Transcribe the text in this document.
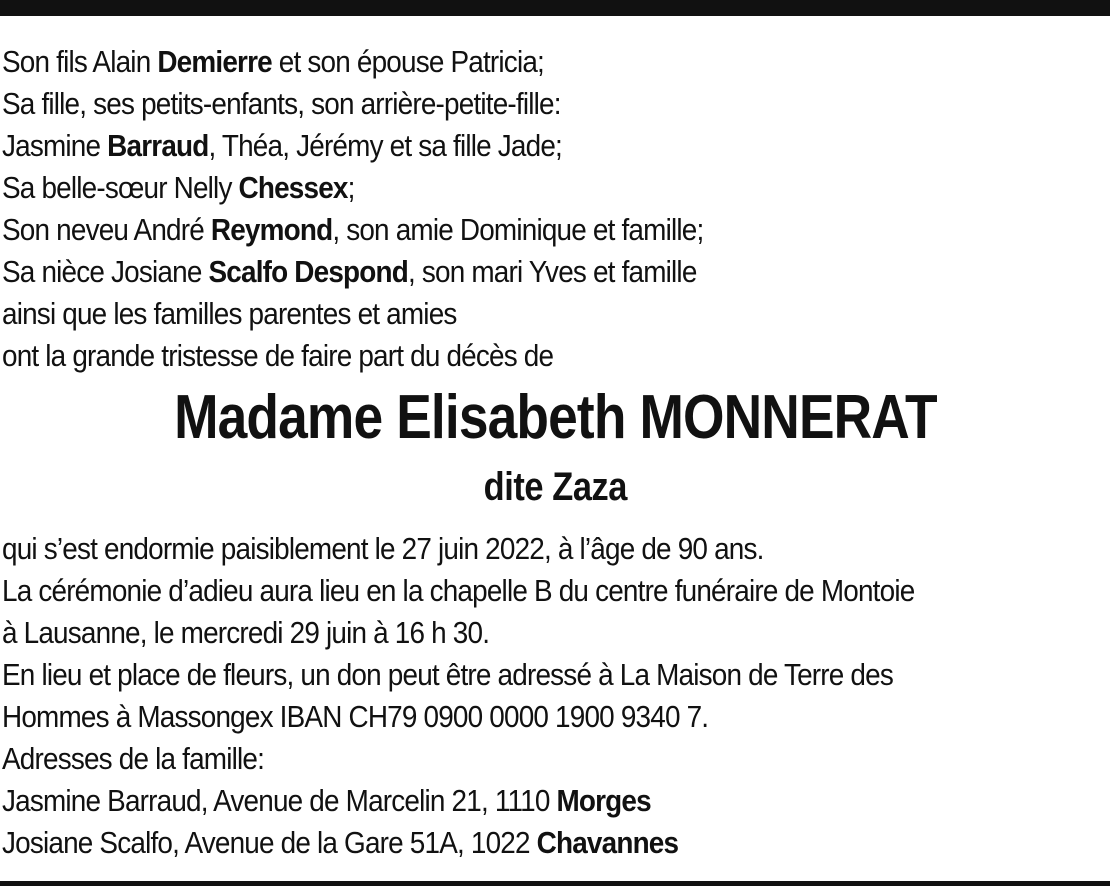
Son fils Alain Demierre et son épouse Patricia;
Sa fille, ses petits-enfants, son arrière-petite-fille:
Jasmine Barraud, Théa, Jérémy et sa fille Jade;
Sa belle-sœur Nelly Chessex;
Son neveu André Reymond, son amie Dominique et famille;
Sa nièce Josiane Scalfo Despond, son mari Yves et famille
ainsi que les familles parentes et amies
ont la grande tristesse de faire part du décès de
Madame Elisabeth MONNERAT
dite Zaza
qui s’est endormie paisiblement le 27 juin 2022, à l’âge de 90 ans.
La cérémonie d’adieu aura lieu en la chapelle B du centre funéraire de Montoie
à Lausanne, le mercredi 29 juin à 16 h 30.
En lieu et place de fleurs, un don peut être adressé à La Maison de Terre des
Hommes à Massongex IBAN CH79 0900 0000 1900 9340 7.
Adresses de la famille:
Jasmine Barraud, Avenue de Marcelin 21, 1110 Morges
Josiane Scalfo, Avenue de la Gare 51A, 1022 Chavannes
